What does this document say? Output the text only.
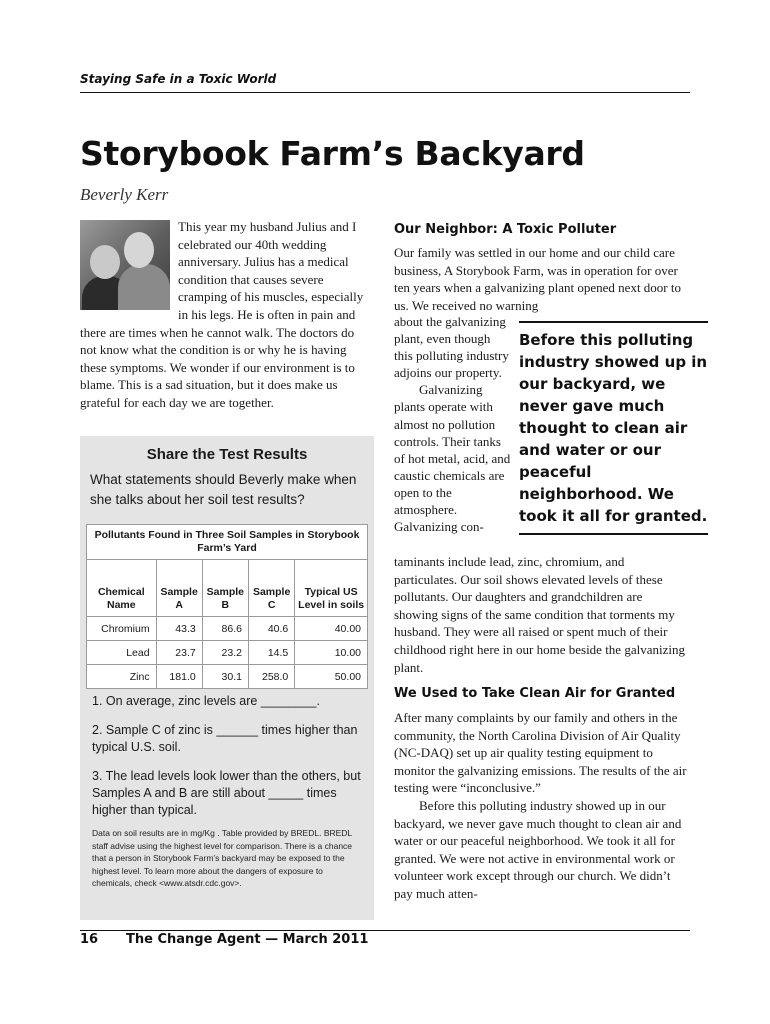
Staying Safe in a Toxic World
Storybook Farm’s Backyard
Beverly Kerr

This year my husband Julius and I celebrated our 40th wedding anniversary. Julius has a medical condition that causes severe cramping of his muscles, especially in his legs. He is often in pain and there are times when he cannot walk. The doctors do not know what the condition is or why he is having these symptoms. We wonder if our environment is to blame. This is a sad situation, but it does make us grateful for each day we are together.

Share the Test Results
What statements should Beverly make when she talks about her soil test results?
Pollutants Found in Three Soil Samples in Storybook Farm’s Yard				
Chemical Name	Sample A	Sample B	Sample C	Typical US Level in soils
Chromium	43.3	86.6	40.6	40.00
Lead	23.7	23.2	14.5	10.00
Zinc	181.0	30.1	258.0	50.00
1. On average, zinc levels are ________.
2. Sample C of zinc is ______ times higher than typical U.S. soil.
3. The lead levels look lower than the others, but Samples A and B are still about _____ times higher than typical.
Data on soil results are in mg/Kg . Table provided by BREDL. BREDL staff advise using the highest level for comparison. There is a chance that a person in Storybook Farm’s backyard may be exposed to the highest level. To learn more about the dangers of exposure to chemicals, check <www.atsdr.cdc.gov>.
Our Neighbor: A Toxic Polluter

Our family was settled in our home and our child care business, A Storybook Farm, was in operation for over ten years when a galvanizing plant opened next door to us. We received no warning

about the galvanizing plant, even though this polluting industry adjoins our property.

Galvanizing plants operate with almost no pollution controls. Their tanks of hot metal, acid, and caustic chemicals are open to the atmosphere. Galvanizing con-

Before this polluting industry showed up in our backyard, we never gave much thought to clean air and water or our peaceful neighborhood. We took it all for granted.

taminants include lead, zinc, chromium, and particulates. Our soil shows elevated levels of these pollutants. Our daughters and grandchildren are showing signs of the same condition that torments my husband. They were all raised or spent much of their childhood right here in our home beside the galvanizing plant.

We Used to Take Clean Air for Granted

After many complaints by our family and others in the community, the North Carolina Division of Air Quality (NC-DAQ) set up air quality testing equipment to monitor the galvanizing emissions. The results of the air testing were “inconclusive.”

Before this polluting industry showed up in our backyard, we never gave much thought to clean air and water or our peaceful neighborhood. We took it all for granted. We were not active in environmental work or volunteer work except through our church. We didn’t pay much atten-

16 The Change Agent — March 2011
